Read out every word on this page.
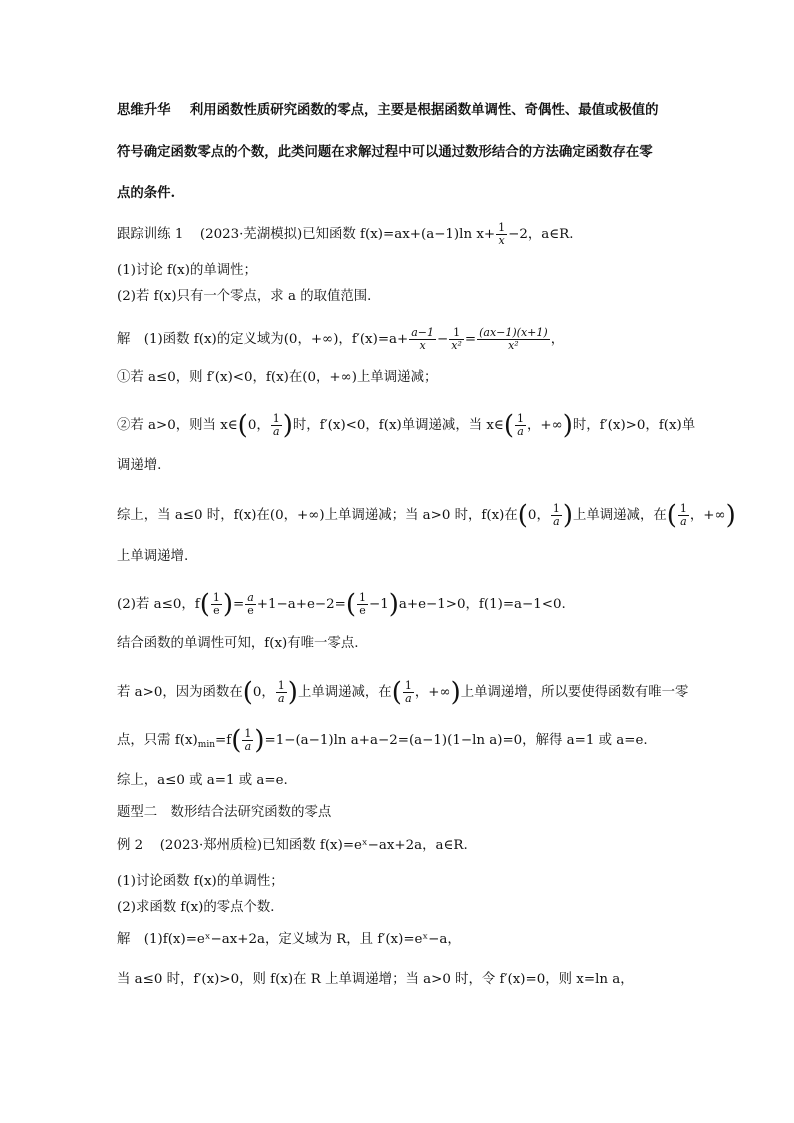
思维升华 利用函数性质研究函数的零点，主要是根据函数单调性、奇偶性、最值或极值的
符号确定函数零点的个数，此类问题在求解过程中可以通过数形结合的方法确定函数存在零
点的条件.
跟踪训练 1 (2023·芜湖模拟)已知函数 f(x)=ax+(a−1)ln $x+ \frac{1}{x} -2$，a∈R.
(1)讨论 f(x)的单调性；
(2)若 f(x)只有一个零点，求 a 的取值范围．
解　(1)函数 f(x)的定义域为(0，+∞)，$f'(x)=a+ \frac{a-1}{x} - \frac{1}{\text{x²}} = \frac{(ax-1)(x+1)}{\text{x²}}$ ，
①若 a≤0，则 f′(x)<0，f(x)在(0，+∞)上单调递减；
②若 a>0，则当 x∈(0， $\frac{1}{a}$ )时，f′(x)<0，f(x)单调递减，当 x∈( $\frac{1}{a}$ ，+∞)时，f′(x)>0，f(x)单
调递增.
综上，当 a≤0 时，f(x)在(0，+∞)上单调递减；当 a>0 时，f(x)在(0， $\frac{1}{a}$ )上单调递减，在( $\frac{1}{a}$ ，+∞)
上单调递增.
(2)若 a≤0，$f( \frac{1}{e}$ )= $\frac{a}{e} +1-a+e-2=( \frac{1}{e} -1)a+e-1>0$，f(1)=a−1<0.
结合函数的单调性可知，f(x)有唯一零点.
若 a>0，因为函数在(0， $\frac{1}{a}$ )上单调递减，在( $\frac{1}{a}$ ，+∞)上单调递增，所以要使得函数有唯一零
点，只需 $f(x)_{min}=f( \frac{1}{a} )=1-(a-1)\ln$ a+a−2=(a−1)(1−ln a)=0，解得 a=1 或 a=e.
综上，a≤0 或 a=1 或 a=e.
题型二　数形结合法研究函数的零点
例 2 (2023·郑州质检)已知函数 f(x)=eˣ−ax+2a，a∈R.
(1)讨论函数 f(x)的单调性；
(2)求函数 f(x)的零点个数．
解　(1)f(x)=eˣ−ax+2a，定义域为 R，且 f′(x)=eˣ−a，
当 a≤0 时，f′(x)>0，则 f(x)在 R 上单调递增；当 a>0 时，令 f′(x)=0，则 x=ln a，
